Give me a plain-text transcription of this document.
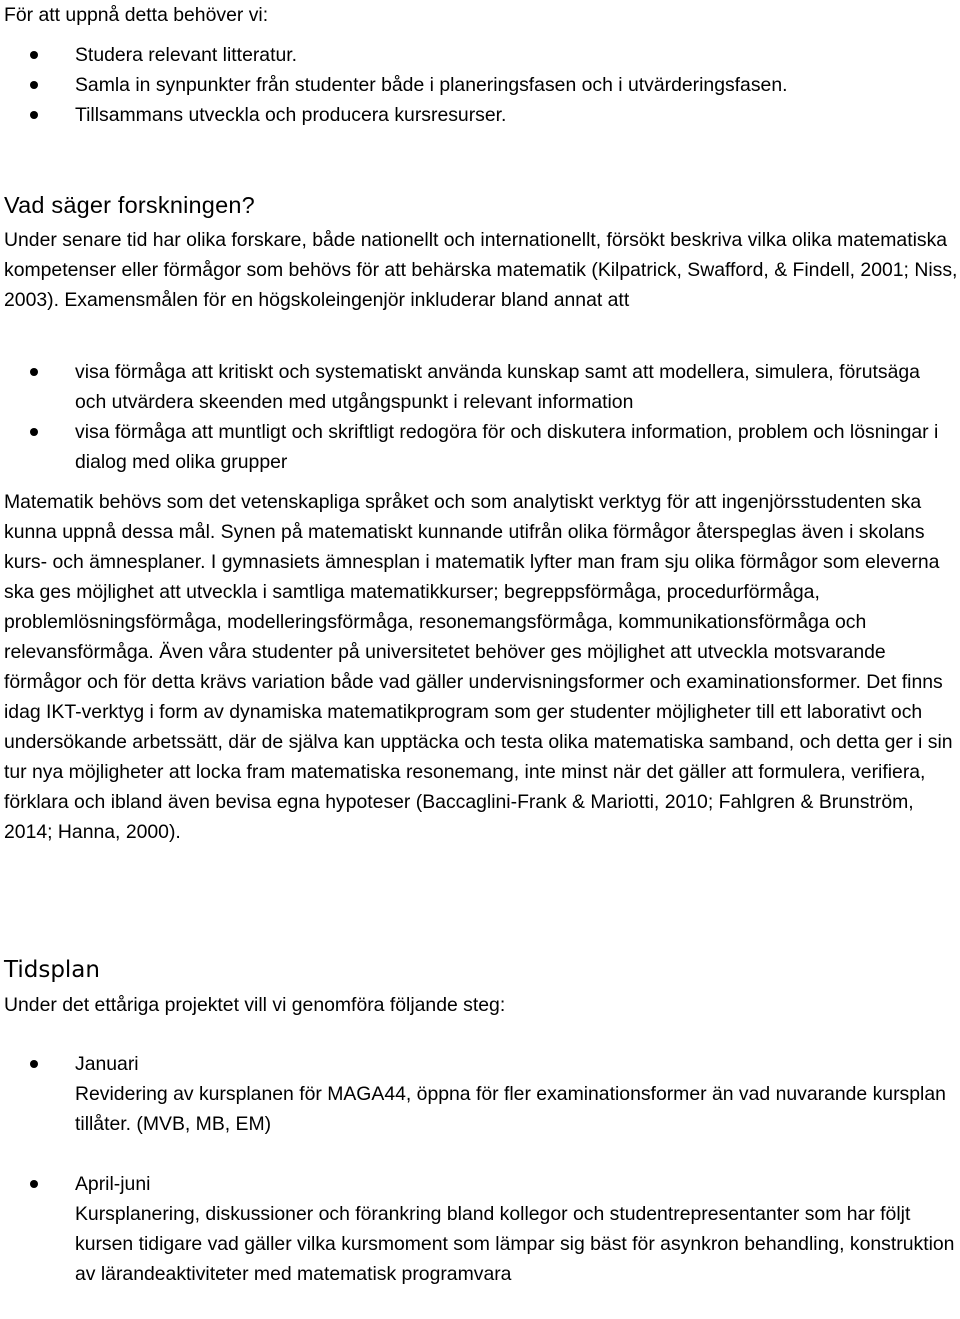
För att uppnå detta behöver vi:

Studera relevant litteratur.
Samla in synpunkter från studenter både i planeringsfasen och i utvärderingsfasen.
Tillsammans utveckla och producera kursresurser.
Vad säger forskningen?

Under senare tid har olika forskare, både nationellt och internationellt, försökt beskriva vilka olika matematiska kompetenser eller förmågor som behövs för att behärska matematik (Kilpatrick, Swafford, & Findell, 2001; Niss, 2003). Examensmålen för en högskoleingenjör inkluderar bland annat att

visa förmåga att kritiskt och systematiskt använda kunskap samt att modellera, simulera, förutsäga och utvärdera skeenden med utgångspunkt i relevant information
visa förmåga att muntligt och skriftligt redogöra för och diskutera information, problem och lösningar i dialog med olika grupper

Matematik behövs som det vetenskapliga språket och som analytiskt verktyg för att ingenjörsstudenten ska kunna uppnå dessa mål. Synen på matematiskt kunnande utifrån olika förmågor återspeglas även i skolans kurs- och ämnesplaner. I gymnasiets ämnesplan i matematik lyfter man fram sju olika förmågor som eleverna ska ges möjlighet att utveckla i samtliga matematikkurser; begreppsförmåga, procedurförmåga, problemlösningsförmåga, modelleringsförmåga, resonemangsförmåga, kommunikationsförmåga och relevansförmåga. Även våra studenter på universitetet behöver ges möjlighet att utveckla motsvarande förmågor och för detta krävs variation både vad gäller undervisningsformer och examinationsformer. Det finns idag IKT-verktyg i form av dynamiska matematikprogram som ger studenter möjligheter till ett laborativt och undersökande arbetssätt, där de själva kan upptäcka och testa olika matematiska samband, och detta ger i sin tur nya möjligheter att locka fram matematiska resonemang, inte minst när det gäller att formulera, verifiera, förklara och ibland även bevisa egna hypoteser (Baccaglini-Frank & Mariotti, 2010; Fahlgren & Brunström, 2014; Hanna, 2000).

Tidsplan

Under det ettåriga projektet vill vi genomföra följande steg:

Januari
Revidering av kursplanen för MAGA44, öppna för fler examinationsformer än vad nuvarande kursplan tillåter. (MVB, MB, EM)
April-juni
Kursplanering, diskussioner och förankring bland kollegor och studentrepresentanter som har följt kursen tidigare vad gäller vilka kursmoment som lämpar sig bäst för asynkron behandling, konstruktion av lärandeaktiviteter med matematisk programvara
